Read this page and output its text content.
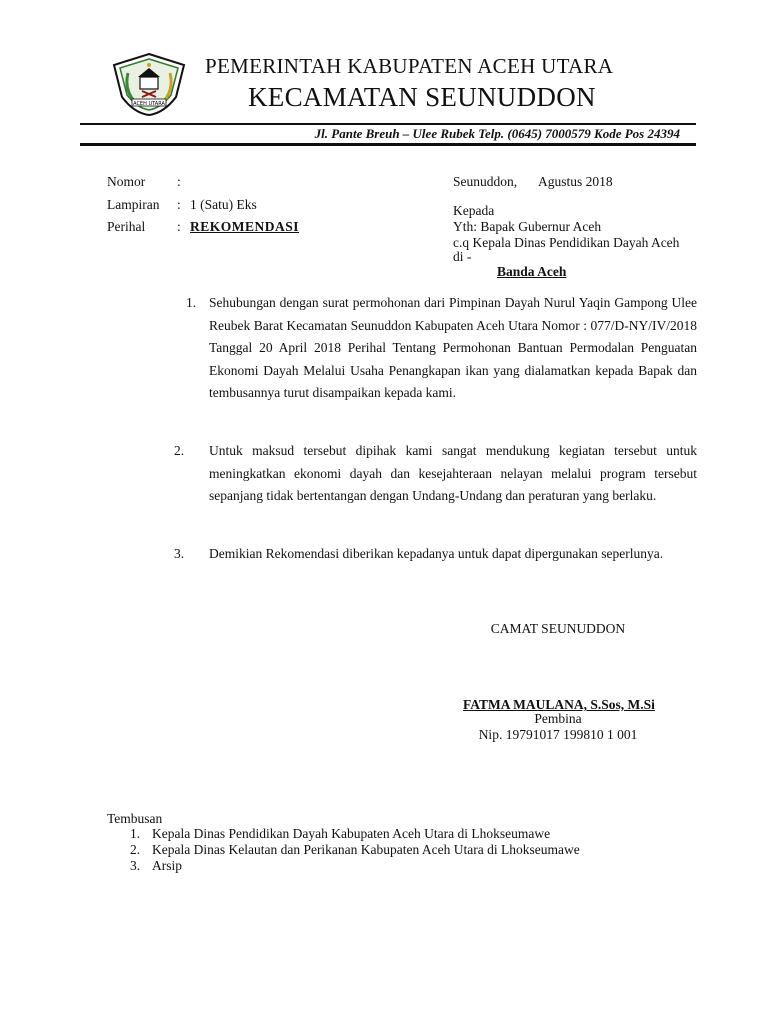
ACEH UTARA
PEMERINTAH KABUPATEN ACEH UTARA
KECAMATAN SEUNUDDON
Jl. Pante Breuh – Ulee Rubek Telp. (0645) 7000579 Kode Pos 24394
Nomor :
Lampiran : 1 (Satu) Eks
Perihal : REKOMENDASI
Seunuddon, Agustus 2018
Kepada
Yth: Bapak Gubernur Aceh
c.q Kepala Dinas Pendidikan Dayah Aceh
di -
Banda Aceh
1. Sehubungan dengan surat permohonan dari Pimpinan Dayah Nurul Yaqin Gampong Ulee Reubek Barat Kecamatan Seunuddon Kabupaten Aceh Utara Nomor : 077/D-NY/IV/2018 Tanggal 20 April 2018 Perihal Tentang Permohonan Bantuan Permodalan Penguatan Ekonomi Dayah Melalui Usaha Penangkapan ikan yang dialamatkan kepada Bapak dan tembusannya turut disampaikan kepada kami.
2. Untuk maksud tersebut dipihak kami sangat mendukung kegiatan tersebut untuk meningkatkan ekonomi dayah dan kesejahteraan nelayan melalui program tersebut sepanjang tidak bertentangan dengan Undang-Undang dan peraturan yang berlaku.
3. Demikian Rekomendasi diberikan kepadanya untuk dapat dipergunakan seperlunya.
CAMAT SEUNUDDON
FATMA MAULANA, S.Sos, M.Si
Pembina
Nip. 19791017 199810 1 001
Tembusan
1. Kepala Dinas Pendidikan Dayah Kabupaten Aceh Utara di Lhokseumawe
2. Kepala Dinas Kelautan dan Perikanan Kabupaten Aceh Utara di Lhokseumawe
3. Arsip
